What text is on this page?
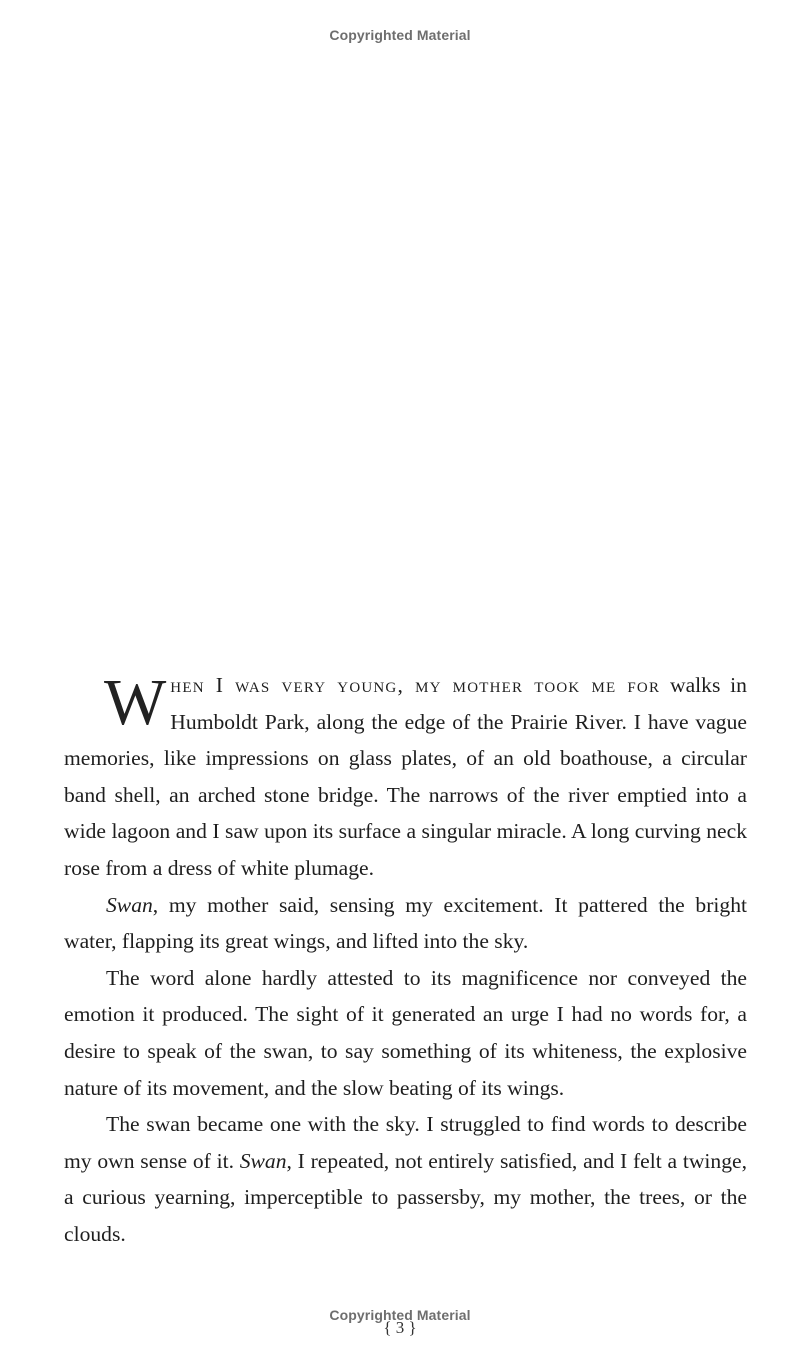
Copyrighted Material

When I was very young, my mother took me for walks in Humboldt Park, along the edge of the Prairie River. I have vague memories, like impressions on glass plates, of an old boathouse, a circular band shell, an arched stone bridge. The narrows of the river emptied into a wide lagoon and I saw upon its surface a singular miracle. A long curving neck rose from a dress of white plumage.

Swan, my mother said, sensing my excitement. It pattered the bright water, flapping its great wings, and lifted into the sky.

The word alone hardly attested to its magnificence nor conveyed the emotion it produced. The sight of it generated an urge I had no words for, a desire to speak of the swan, to say something of its whiteness, the explosive nature of its movement, and the slow beating of its wings.

The swan became one with the sky. I struggled to find words to describe my own sense of it. Swan, I repeated, not entirely satisfied, and I felt a twinge, a curious yearning, imperceptible to passersby, my mother, the trees, or the clouds.

{ 3 }
Copyrighted Material
